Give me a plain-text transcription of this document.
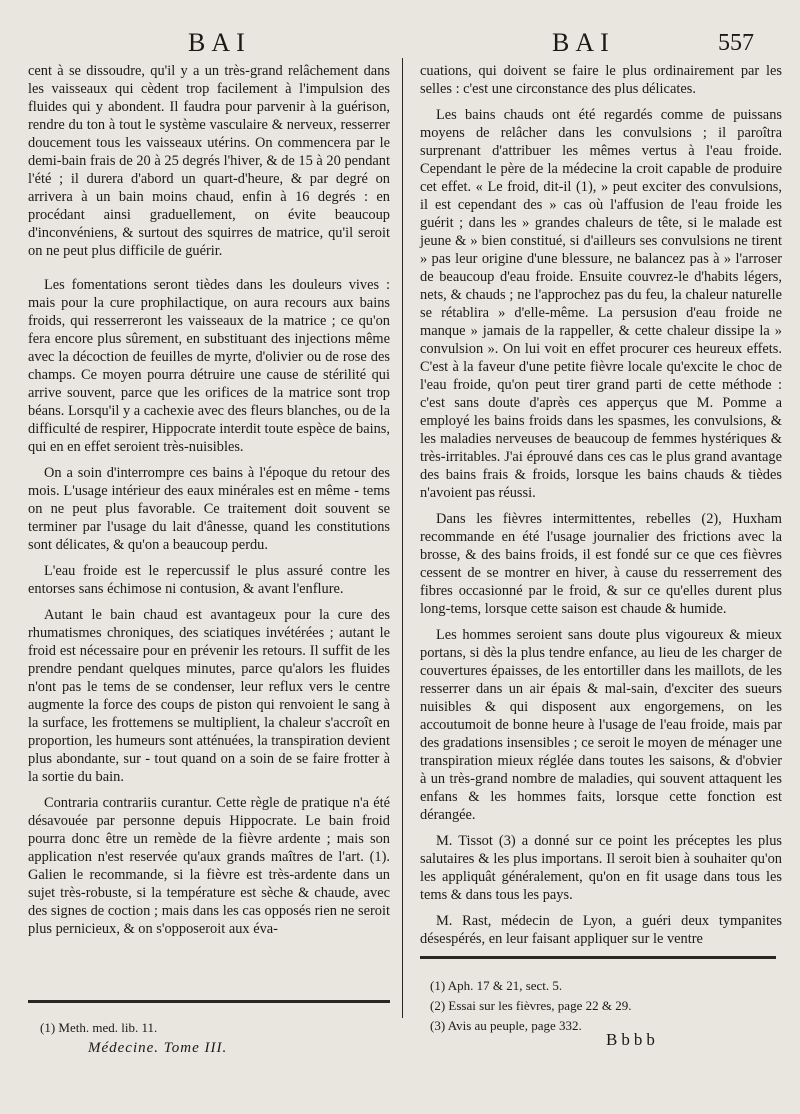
BAI	BAI	557

cent à se dissoudre, qu'il y a un très-grand relâchement dans les vaisseaux qui cèdent trop facilement à l'impulsion des fluides qui y abondent. Il faudra pour parvenir à la guérison, rendre du ton à tout le système vasculaire & nerveux, resserrer doucement tous les vaisseaux utérins. On commencera par le demi-bain frais de 20 à 25 degrés l'hiver, & de 15 à 20 pendant l'été ; il durera d'abord un quart-d'heure, & par degré on arrivera à un bain moins chaud, enfin à 16 degrés : en procédant ainsi graduellement, on évite beaucoup d'inconvéniens, & surtout des squirres de matrice, qu'il seroit on ne peut plus difficile de guérir.

Les fomentations seront tièdes dans les douleurs vives : mais pour la cure prophilactique, on aura recours aux bains froids, qui resserreront les vaisseaux de la matrice ; ce qu'on fera encore plus sûrement, en substituant des injections même avec la décoction de feuilles de myrte, d'olivier ou de rose des champs. Ce moyen pourra détruire une cause de stérilité qui arrive souvent, parce que les orifices de la matrice sont trop béans. Lorsqu'il y a cachexie avec des fleurs blanches, ou de la difficulté de respirer, Hippocrate interdit toute espèce de bains, qui en en effet seroient très-nuisibles.

On a soin d'interrompre ces bains à l'époque du retour des mois. L'usage intérieur des eaux minérales est en même - tems on ne peut plus favorable. Ce traitement doit souvent se terminer par l'usage du lait d'ânesse, quand les constitutions sont délicates, & qu'on a beaucoup perdu.

L'eau froide est le repercussif le plus assuré contre les entorses sans échimose ni contusion, & avant l'enflure.

Autant le bain chaud est avantageux pour la cure des rhumatismes chroniques, des sciatiques invétérées ; autant le froid est nécessaire pour en prévenir les retours. Il suffit de les prendre pendant quelques minutes, parce qu'alors les fluides n'ont pas le tems de se condenser, leur reflux vers le centre augmente la force des coups de piston qui renvoient le sang à la surface, les frottemens se multiplient, la chaleur s'accroît en proportion, les humeurs sont atténuées, la transpiration devient plus abondante, sur - tout quand on a soin de se faire frotter à la sortie du bain.

Contraria contrariis curantur. Cette règle de pratique n'a été désavouée par personne depuis Hippocrate. Le bain froid pourra donc être un remède de la fièvre ardente ; mais son application n'est reservée qu'aux grands maîtres de l'art. (1). Galien le recommande, si la fièvre est très-ardente dans un sujet très-robuste, si la température est sèche & chaude, avec des signes de coction ; mais dans les cas opposés rien ne seroit plus pernicieux, & on s'opposeroit aux éva-

cuations, qui doivent se faire le plus ordinairement par les selles : c'est une circonstance des plus délicates.

Les bains chauds ont été regardés comme de puissans moyens de relâcher dans les convulsions ; il paroîtra surprenant d'attribuer les mêmes vertus à l'eau froide. Cependant le père de la médecine la croit capable de produire cet effet. « Le froid, dit-il (1), » peut exciter des convulsions, il est cependant des » cas où l'affusion de l'eau froide les guérit ; dans les » grandes chaleurs de tête, si le malade est jeune & » bien constitué, si d'ailleurs ses convulsions ne tirent » pas leur origine d'une blessure, ne balancez pas à » l'arroser de beaucoup d'eau froide. Ensuite couvrez-le d'habits légers, nets, & chauds ; ne l'approchez pas du feu, la chaleur naturelle se rétablira » d'elle-même. La persusion d'eau froide ne manque » jamais de la rappeller, & cette chaleur dissipe la » convulsion ». On lui voit en effet procurer ces heureux effets. C'est à la faveur d'une petite fièvre locale qu'excite le choc de l'eau froide, qu'on peut tirer grand parti de cette méthode : c'est sans doute d'après ces apperçus que M. Pomme a employé les bains froids dans les spasmes, les convulsions, & les maladies nerveuses de beaucoup de femmes hystériques & très-irritables. J'ai éprouvé dans ces cas le plus grand avantage des bains frais & froids, lorsque les bains chauds & tièdes n'avoient pas réussi.

Dans les fièvres intermittentes, rebelles (2), Huxham recommande en été l'usage journalier des frictions avec la brosse, & des bains froids, il est fondé sur ce que ces fièvres cessent de se montrer en hiver, à cause du resserrement des fibres occasionné par le froid, & sur ce qu'elles durent plus long-tems, lorsque cette saison est chaude & humide.

Les hommes seroient sans doute plus vigoureux & mieux portans, si dès la plus tendre enfance, au lieu de les charger de couvertures épaisses, de les entortiller dans les maillots, de les resserrer dans un air épais & mal-sain, d'exciter des sueurs nuisibles & qui disposent aux engorgemens, on les accoutumoit de bonne heure à l'usage de l'eau froide, mais par des gradations insensibles ; ce seroit le moyen de ménager une transpiration mieux réglée dans toutes les saisons, & d'obvier à un très-grand nombre de maladies, qui souvent attaquent les enfans & les hommes faits, lorsque cette fonction est dérangée.

M. Tissot (3) a donné sur ce point les préceptes les plus salutaires & les plus importans. Il seroit bien à souhaiter qu'on les appliquât généralement, qu'on en fit usage dans tous les tems & dans tous les pays.

M. Rast, médecin de Lyon, a guéri deux tympanites désespérés, en leur faisant appliquer sur le ventre

(1) Meth. med. lib. 11.
(1) Aph. 17 & 21, sect. 5.
(2) Essai sur les fièvres, page 22 & 29.
(3) Avis au peuple, page 332.
Médecine. Tome III.	Bbbb
